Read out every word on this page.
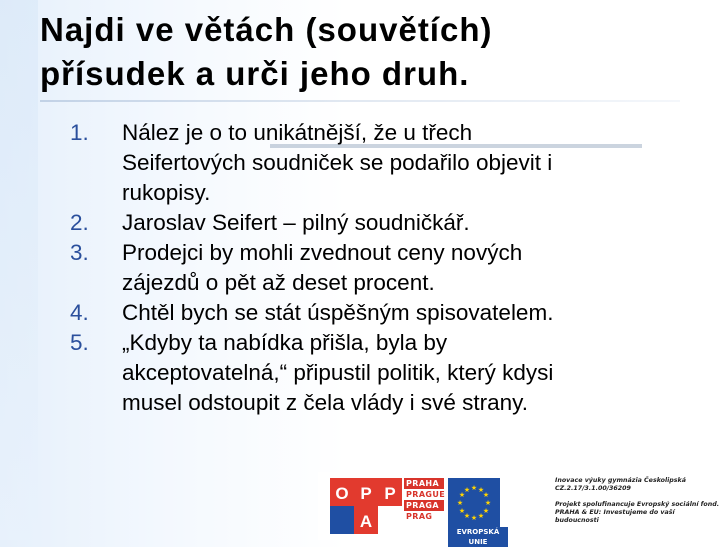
Najdi ve větách (souvětích)
přísudek a urči jeho druh.
1. Nález je o to unikátnější, že u třech
Seifertových soudniček se podařilo objevit i
rukopisy.
2. Jaroslav Seifert – pilný soudničkář.
3. Prodejci by mohli zvednout ceny nových
zájezdů o pět až deset procent.
4. Chtěl bych se stát úspěšným spisovatelem.
5. „Kdyby ta nabídka přišla, byla by
akceptovatelná,“ připustil politik, který kdysi
musel odstoupit z čela vlády i své strany.
O P P
A
PRAHA
PRAGUE
PRAGA
PRAG
★ ★
★
★
★
★
★
★
★
★
★
★
EVROPSKÁ UNIE
Inovace výuky gymnázia Českolipská
CZ.2.17/3.1.00/36209
Projekt spolufinancuje Evropský sociální fond.
PRAHA & EU: Investujeme do vaší budoucnosti
